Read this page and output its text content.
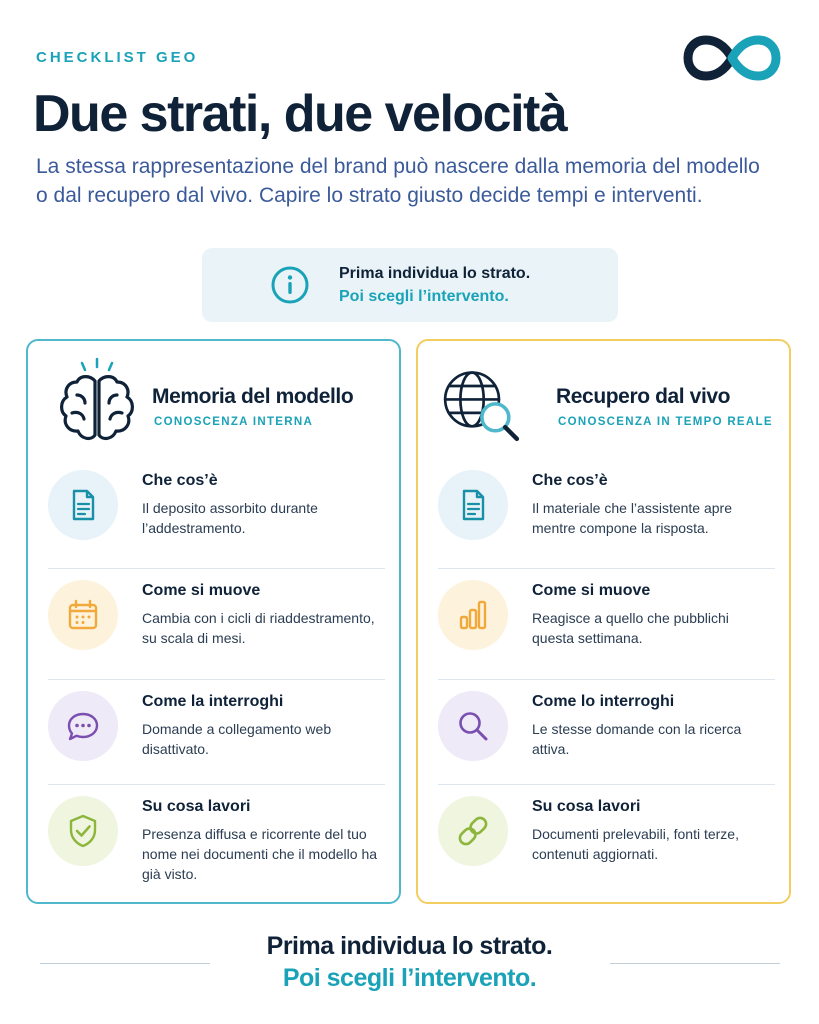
CHECKLIST GEO
Due strati, due velocità
La stessa rappresentazione del brand può nascere dalla memoria del modello o dal recupero dal vivo. Capire lo strato giusto decide tempi e interventi.
Prima individua lo strato.
Poi scegli l’intervento.
Memoria del modello
CONOSCENZA INTERNA
Che cos’è
Il deposito assorbito durante l’addestramento.
Come si muove
Cambia con i cicli di riaddestramento, su scala di mesi.
Come la interroghi
Domande a collegamento web disattivato.
Su cosa lavori
Presenza diffusa e ricorrente del tuo nome nei documenti che il modello ha già visto.
Recupero dal vivo
CONOSCENZA IN TEMPO REALE
Che cos’è
Il materiale che l’assistente apre mentre compone la risposta.
Come si muove
Reagisce a quello che pubblichi questa settimana.
Come lo interroghi
Le stesse domande con la ricerca attiva.
Su cosa lavori
Documenti prelevabili, fonti terze, contenuti aggiornati.
Prima individua lo strato.
Poi scegli l’intervento.
